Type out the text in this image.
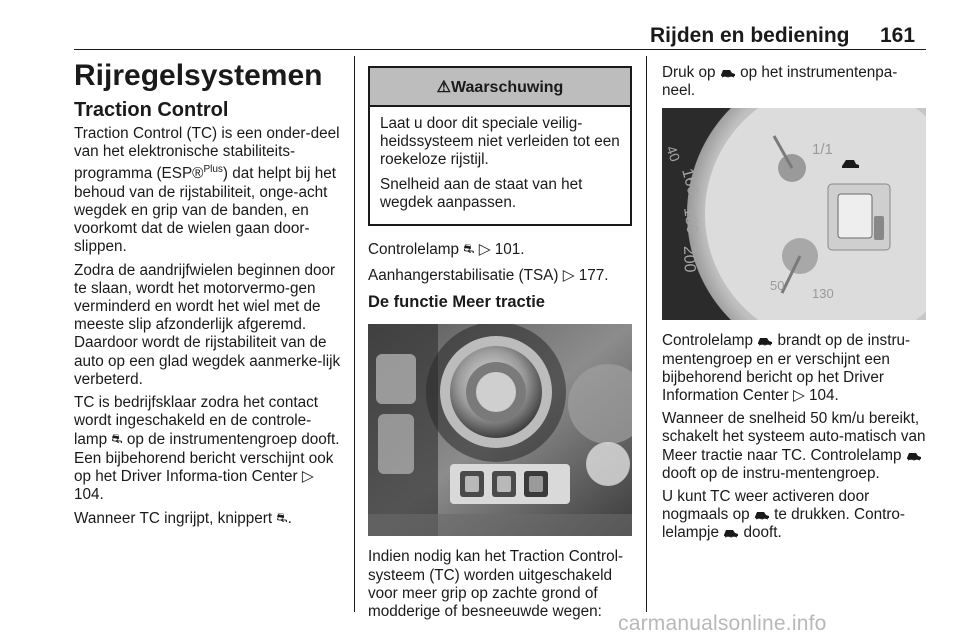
Rijden en bediening 161
Rijregelsystemen
Traction Control

Traction Control (TC) is een onder-deel van het elektronische stabiliteits-programma (ESP®$^{Plus}$) dat helpt bij het behoud van de rijstabiliteit, onge-acht wegdek en grip van de banden, en voorkomt dat de wielen gaan door-slippen.

Zodra de aandrijfwielen beginnen door te slaan, wordt het motorvermo-gen verminderd en wordt het wiel met de meeste slip afzonderlijk afgeremd. Daardoor wordt de rijstabiliteit van de auto op een glad wegdek aanmerke-lijk verbeterd.

TC is bedrijfsklaar zodra het contact wordt ingeschakeld en de controle-lamp ⛐ op de instrumentengroep dooft. Een bijbehorend bericht verschijnt ook op het Driver Informa-tion Center ▷ 104.

Wanneer TC ingrijpt, knippert ⛐.

⚠Waarschuwing

Laat u door dit speciale veilig-heidssysteem niet verleiden tot een roekeloze rijstijl.

Snelheid aan de staat van het wegdek aanpassen.

Controlelamp ⛐ ▷ 101.

Aanhangerstabilisatie (TSA) ▷ 177.

De functie Meer tractie

Indien nodig kan het Traction Control-systeem (TC) worden uitgeschakeld voor meer grip op zachte grond of modderige of besneeuwde wegen:

Druk op op het instrumentenpa-neel.

40
160
180
200
1/1
50
130

Controlelamp brandt op de instru-mentengroep en er verschijnt een bijbehorend bericht op het Driver Information Center ▷ 104.

Wanneer de snelheid 50 km/u bereikt, schakelt het systeem auto-matisch van Meer tractie naar TC. Controlelamp  dooft op de instru-mentengroep.

U kunt TC weer activeren door nogmaals op te drukken. Contro-lelampje dooft.

carmanualsonline.info
